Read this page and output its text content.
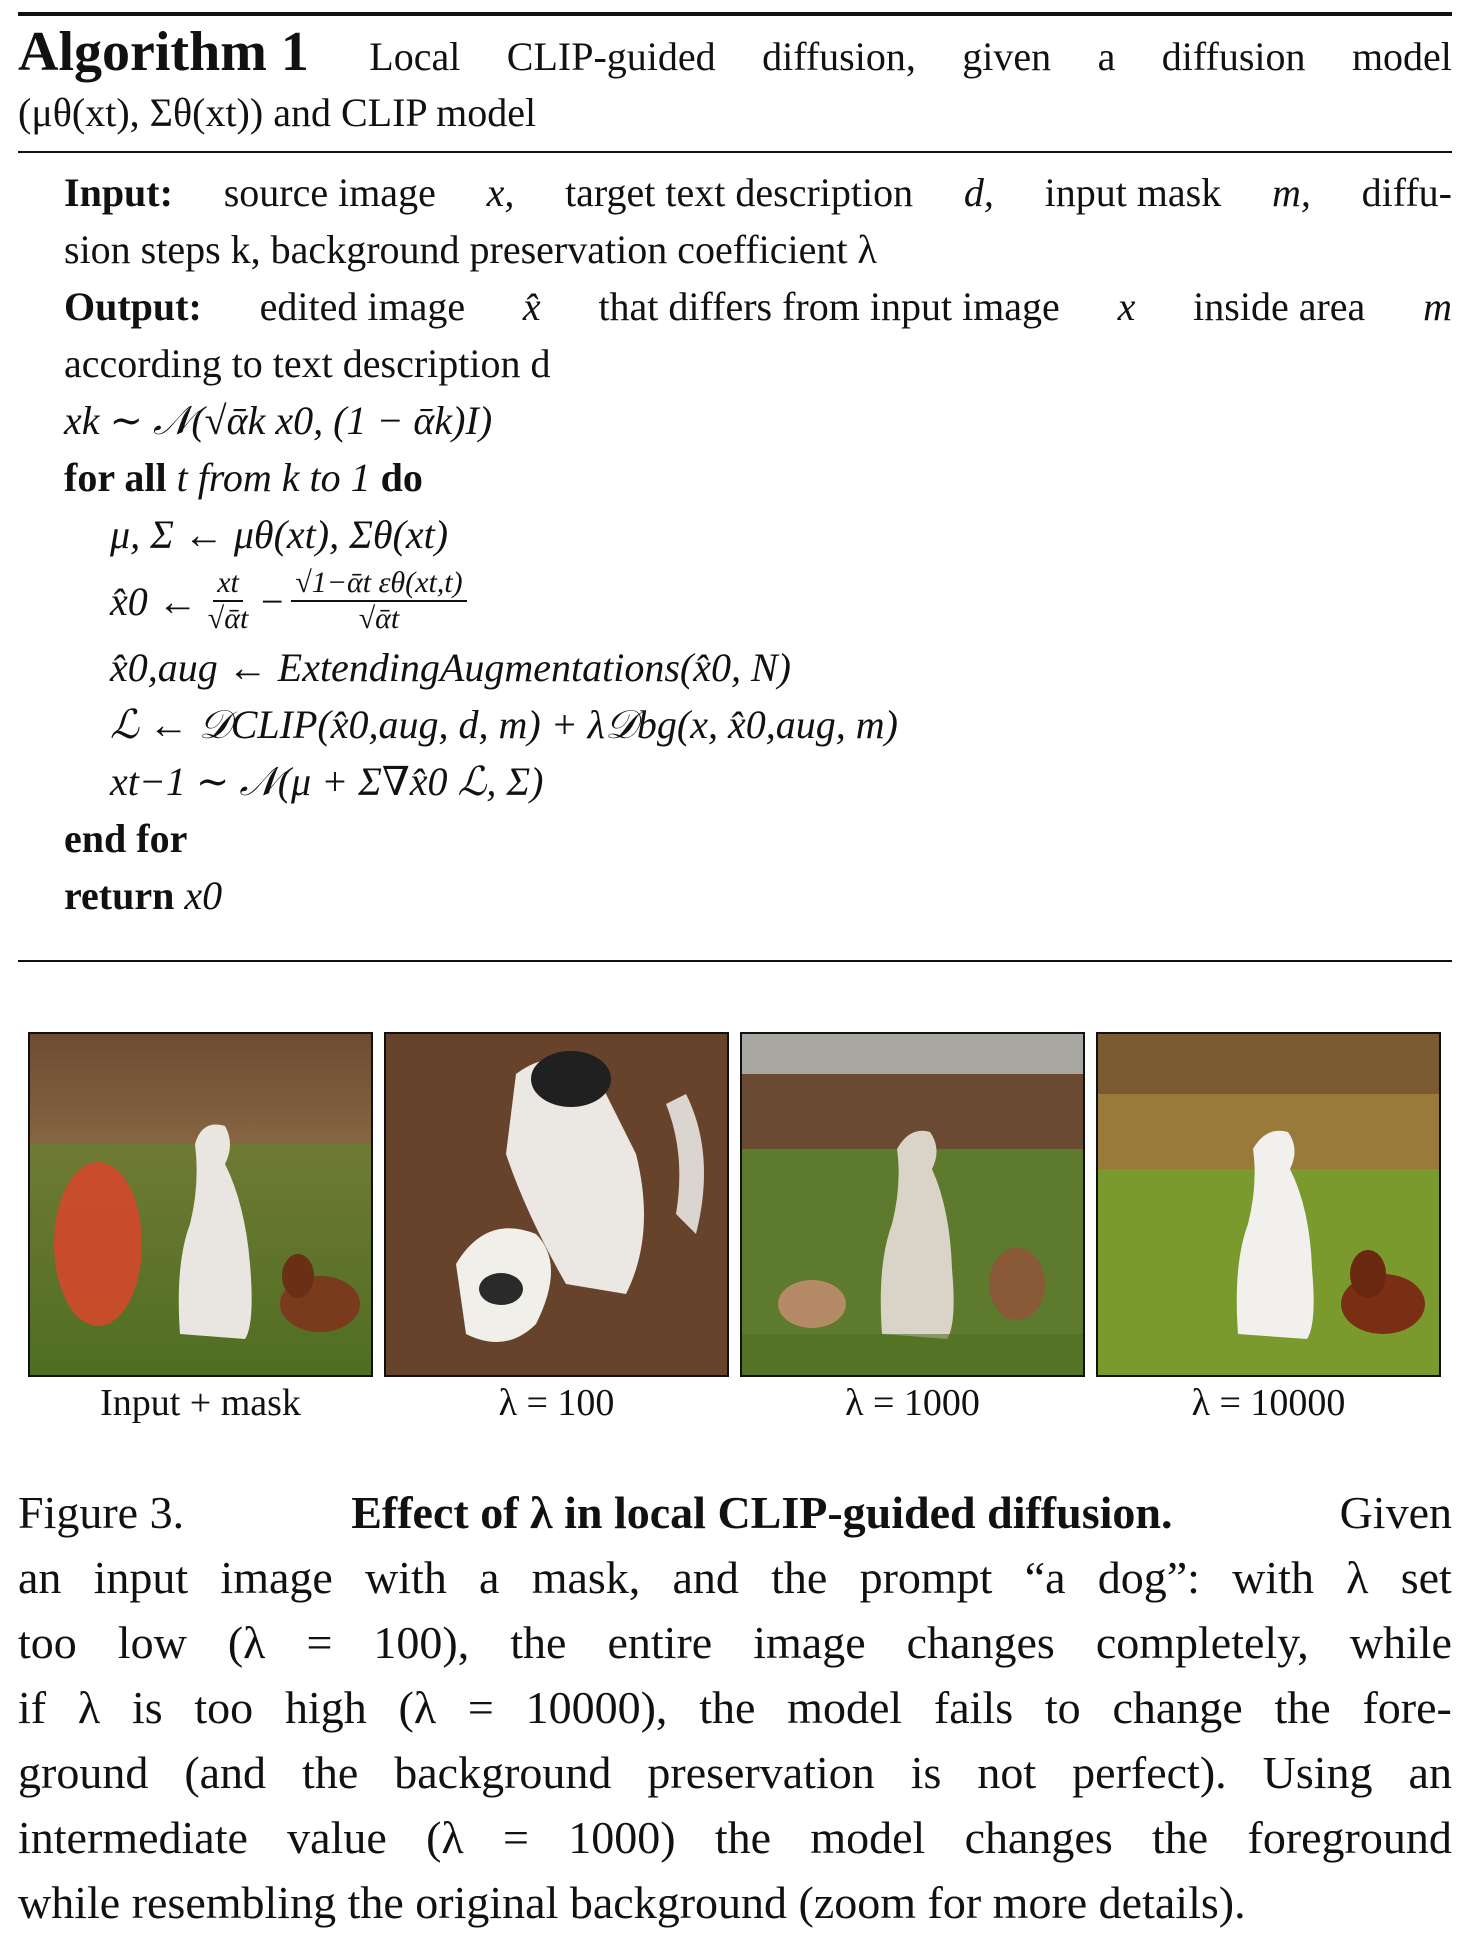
Algorithm 1 Local CLIP-guided diffusion, given a diffusion model
(μθ(xt), Σθ(xt)) and CLIP model
Input: source image x, target text description d, input mask m, diffu-
sion steps k, background preservation coefficient λ
Output: edited image x̂ that differs from input image x inside area m
according to text description d
xk ∼ 𝒩(√ᾱk x0, (1 − ᾱk)I)
for all t from k to 1 do
μ, Σ ← μθ(xt), Σθ(xt)
x̂0 ← $\frac{xt}{\text{√ᾱt}} - \frac{\text{√1−ᾱt εθ(xt,t)}}{\text{√ᾱt}}$
x̂0,aug ← ExtendingAugmentations(x̂0, N)
ℒ ← 𝒟CLIP(x̂0,aug, d, m) + λ𝒟bg(x, x̂0,aug, m)
xt−1 ∼ 𝒩(μ + Σ∇x̂0 ℒ, Σ)
end for
return x0
Input + mask	λ = 100	λ = 1000	λ = 10000
Figure 3.	Effect of λ in local CLIP-guided diffusion.	Given
an input image with a mask, and the prompt “a dog”: with λ set
too low (λ = 100), the entire image changes completely, while
if λ is too high (λ = 10000), the model fails to change the fore-
ground (and the background preservation is not perfect). Using an
intermediate value (λ = 1000) the model changes the foreground
while resembling the original background (zoom for more details).
